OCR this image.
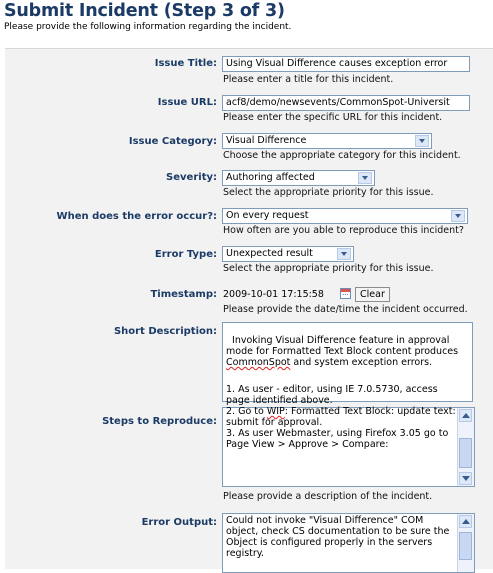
Submit Incident (Step 3 of 3)
Please provide the following information regarding the incident.
Issue Title: Using Visual Difference causes exception error
Please enter a title for this incident.
Issue URL: acf8/demo/newsevents/CommonSpot-Universit
Please enter the specific URL for this incident.
Issue Category: Visual Difference
Choose the appropriate category for this incident.
Severity: Authoring affected
Select the appropriate priority for this issue.
When does the error occur?: On every request
How often are you able to reproduce this incident?
Error Type: Unexpected result
Select the appropriate priority for this issue.
Timestamp: 2009-10-01 17:15:58	Clear
Please provide the date/time the incident occurred.
Short Description:

Invoking Visual Difference feature in approval mode for Formatted Text Block content produces CommonSpot and system exception errors.

Steps to Reproduce:

1. As user - editor, using IE 7.0.5730, access page identified above.
2. Go to WIP: Formatted Text Block: update text: submit for approval.
3. As user Webmaster, using Firefox 3.05 go to  Page View > Approve > Compare:

Please provide a description of the incident.
Error Output:

Could not invoke "Visual Difference" COM object, check CS documentation to be sure the Object is configured properly in the servers registry.
